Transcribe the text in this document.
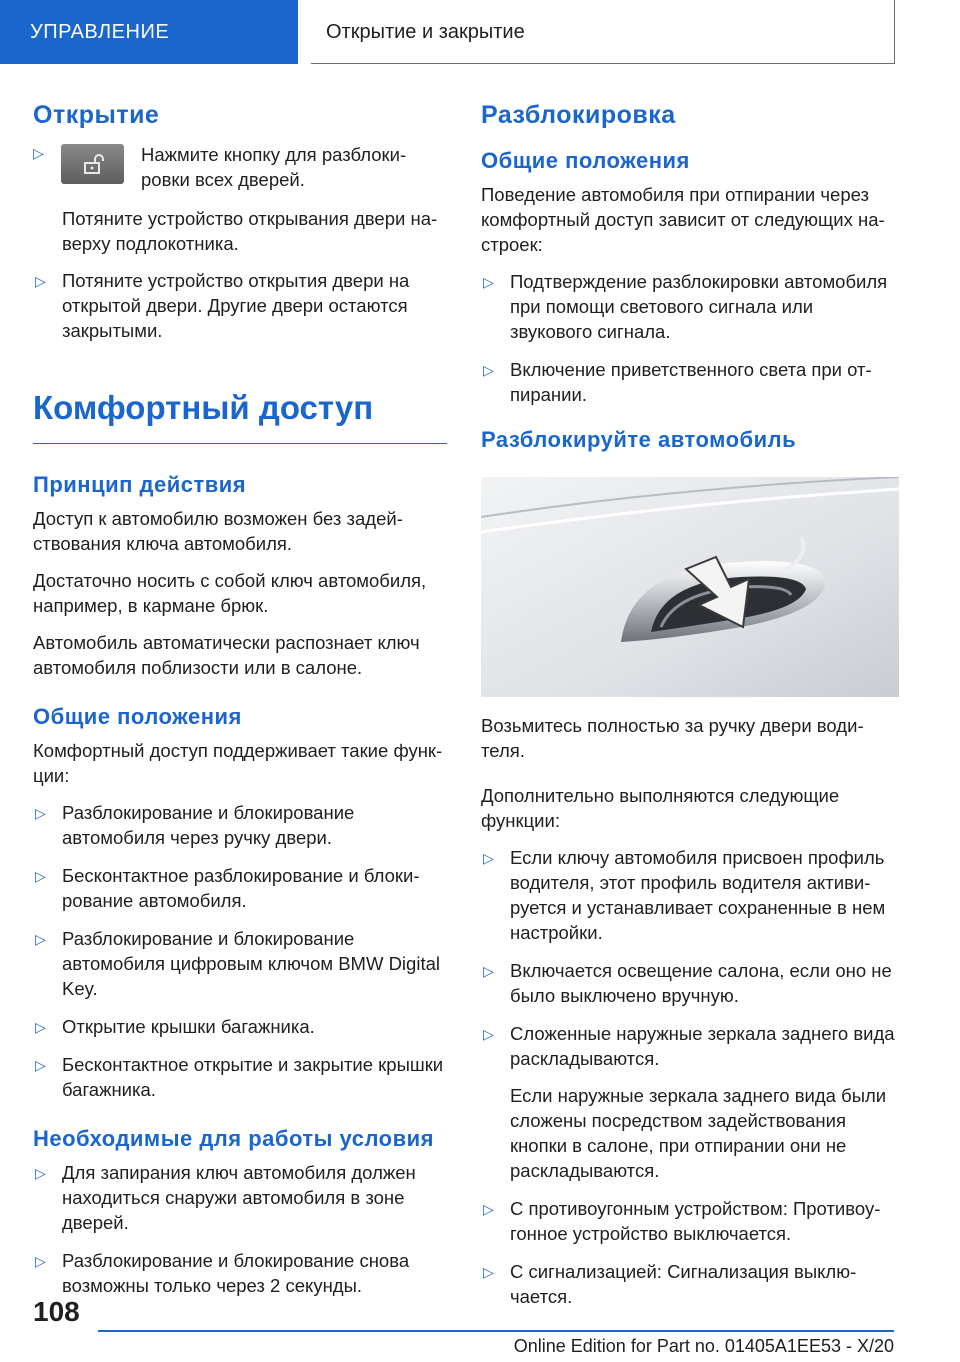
УПРАВЛЕНИЕ	Открытие и закрытие
Открытие
▷	Нажмите кнопку для разблокировки всех дверей.

Потяните устройство открывания двери наверху подлокотника.

▷ Потяните устройство открытия двери на открытой двери. Другие двери остаются закрытыми.
Комфортный доступ
Принцип действия

Доступ к автомобилю возможен без задействования ключа автомобиля.

Достаточно носить с собой ключ автомобиля, например, в кармане брюк.

Автомобиль автоматически распознает ключ автомобиля поблизости или в салоне.

Общие положения

Комфортный доступ поддерживает такие функции:

▷ Разблокирование и блокирование автомобиля через ручку двери.
▷ Бесконтактное разблокирование и блокирование автомобиля.
▷ Разблокирование и блокирование автомобиля цифровым ключом BMW Digital Key.
▷ Открытие крышки багажника.
▷ Бесконтактное открытие и закрытие крышки багажника.
Необходимые для работы условия
▷ Для запирания ключ автомобиля должен находиться снаружи автомобиля в зоне дверей.
▷ Разблокирование и блокирование снова возможны только через 2 секунды.
Разблокировка
Общие положения

Поведение автомобиля при отпирании через комфортный доступ зависит от следующих настроек:

▷ Подтверждение разблокировки автомобиля при помощи светового сигнала или звукового сигнала.
▷ Включение приветственного света при отпирании.
Разблокируйте автомобиль

Возьмитесь полностью за ручку двери водителя.

Дополнительно выполняются следующие функции:

▷ Если ключу автомобиля присвоен профиль водителя, этот профиль водителя активируется и устанавливает сохраненные в нем настройки.
▷ Включается освещение салона, если оно не было выключено вручную.
▷ Сложенные наружные зеркала заднего вида раскладываются.
Если наружные зеркала заднего вида были сложены посредством задействования кнопки в салоне, при отпирании они не раскладываются.
▷ С противоугонным устройством: Противоугонное устройство выключается.
▷ С сигнализацией: Сигнализация выключается.
108
Online Edition for Part no. 01405A1EE53 - X/20
